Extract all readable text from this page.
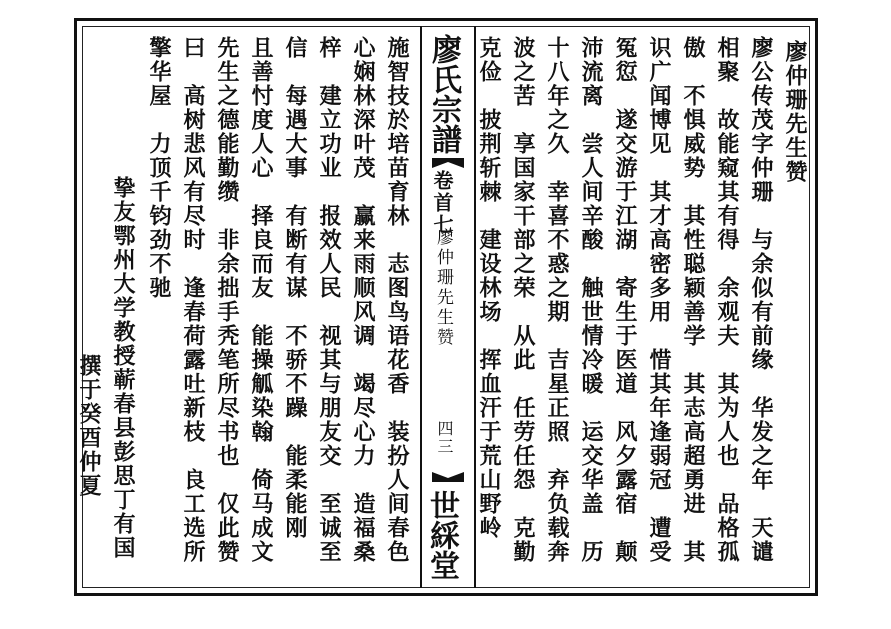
廖仲珊先生赞
廖公传茂字仲珊　与余似有前缘　华发之年　天谴
相聚　故能窥其有得　余观夫　其为人也　品格孤
傲　不惧威势　其性聪颖善学　其志高超勇进　其
识广闻博见　其才高密多用　惜其年逢弱冠　遭受
冤愆　遂交游于江湖　寄生于医道　风夕露宿　颠
沛流离　尝人间辛酸　触世情冷暖　运交华盖　历
十八年之久　幸喜不惑之期　吉星正照　弃负载奔
波之苦　享国家干部之荣　从此　任劳任怨　克勤
克俭　披荆斩棘　建设林场　挥血汗于荒山野岭
廖氏宗譜
卷首七
廖仲珊先生赞
四三
世綵堂
施智技於培苗育林　志图鸟语花香　装扮人间春色
心娴林深叶茂　赢来雨顺风调　竭尽心力　造福桑
梓　建立功业　报效人民　视其与朋友交　至诚至
信　每遇大事　有断有谋　不骄不躁　能柔能刚
且善忖度人心　择良而友　能操觚染翰　倚马成文
先生之德能勤缵　非余拙手秃笔所尽书也　仅此赞
曰　高树悲风有尽时　逢春荷露吐新枝　良工选所
擎华屋　力顶千钧劲不驰
挚友鄂州大学教授蕲春县彭思丁有国
撰于癸酉仲夏
